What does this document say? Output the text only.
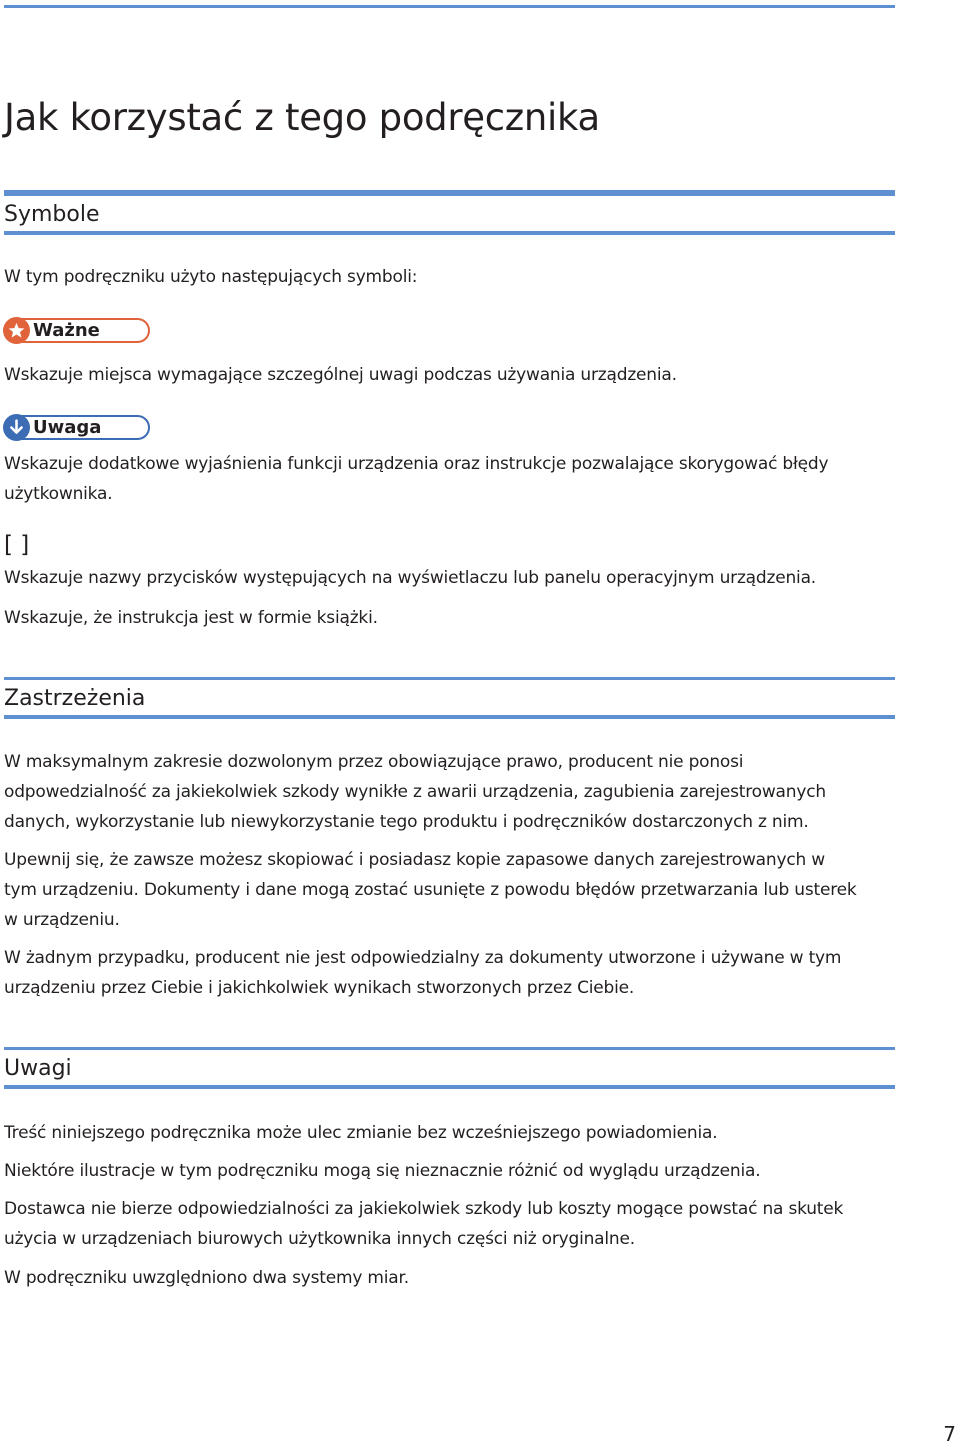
Jak korzystać z tego podręcznika
Symbole

W tym podręczniku użyto następujących symboli:

Ważne

Wskazuje miejsca wymagające szczególnej uwagi podczas używania urządzenia.

Uwaga

Wskazuje dodatkowe wyjaśnienia funkcji urządzenia oraz instrukcje pozwalające skorygować błędy

użytkownika.

[ ]

Wskazuje nazwy przycisków występujących na wyświetlaczu lub panelu operacyjnym urządzenia.

Wskazuje, że instrukcja jest w formie książki.

Zastrzeżenia

W maksymalnym zakresie dozwolonym przez obowiązujące prawo, producent nie ponosi

odpowedzialność za jakiekolwiek szkody wynikłe z awarii urządzenia, zagubienia zarejestrowanych

danych, wykorzystanie lub niewykorzystanie tego produktu i podręczników dostarczonych z nim.

Upewnij się, że zawsze możesz skopiować i posiadasz kopie zapasowe danych zarejestrowanych w

tym urządzeniu. Dokumenty i dane mogą zostać usunięte z powodu błędów przetwarzania lub usterek

w urządzeniu.

W żadnym przypadku, producent nie jest odpowiedzialny za dokumenty utworzone i używane w tym

urządzeniu przez Ciebie i jakichkolwiek wynikach stworzonych przez Ciebie.

Uwagi

Treść niniejszego podręcznika może ulec zmianie bez wcześniejszego powiadomienia.

Niektóre ilustracje w tym podręczniku mogą się nieznacznie różnić od wyglądu urządzenia.

Dostawca nie bierze odpowiedzialności za jakiekolwiek szkody lub koszty mogące powstać na skutek

użycia w urządzeniach biurowych użytkownika innych części niż oryginalne.

W podręczniku uwzględniono dwa systemy miar.

7
